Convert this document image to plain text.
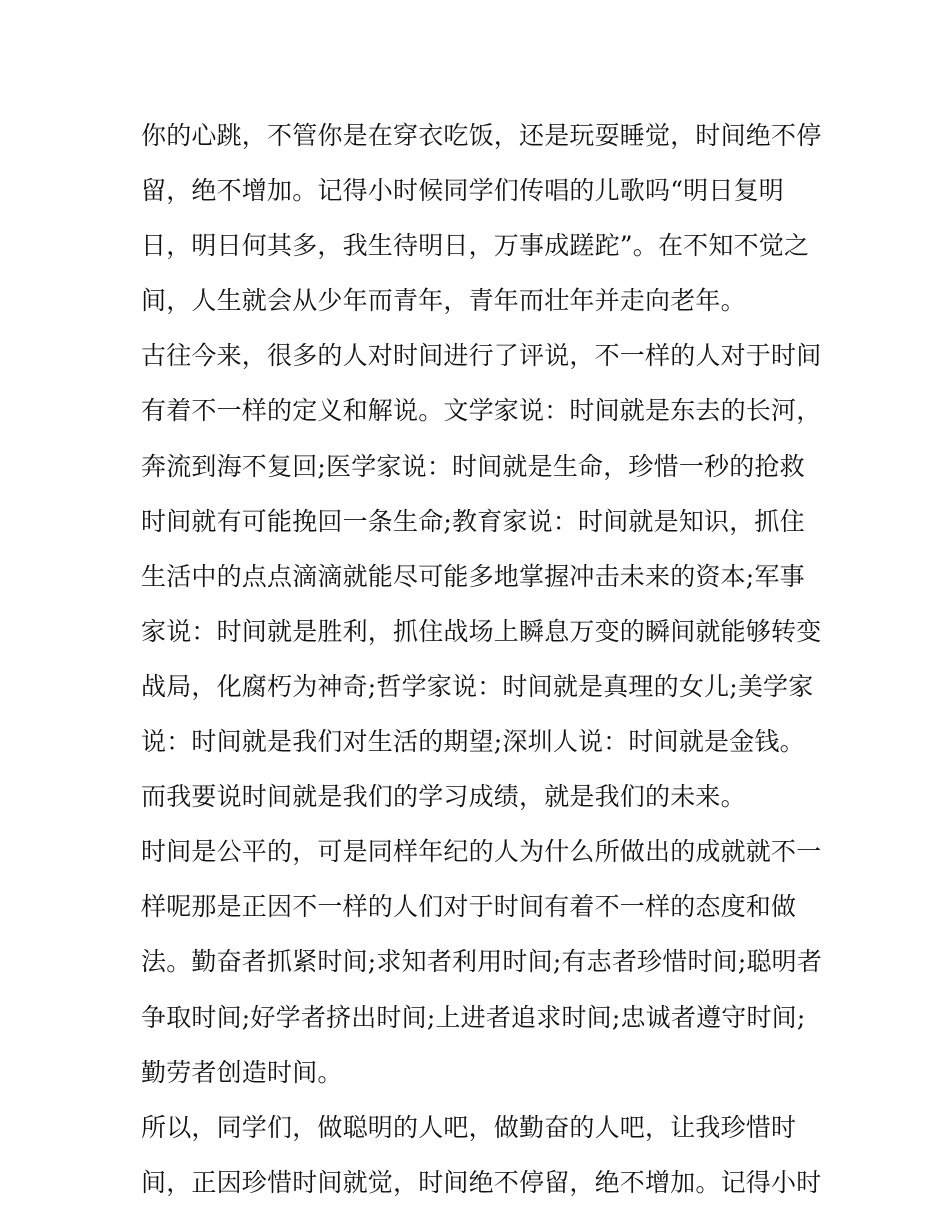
你的心跳，不管你是在穿衣吃饭，还是玩耍睡觉，时间绝不停
留，绝不增加。记得小时候同学们传唱的儿歌吗“明日复明
日，明日何其多，我生待明日，万事成蹉跎”。在不知不觉之
间，人生就会从少年而青年，青年而壮年并走向老年。
古往今来，很多的人对时间进行了评说，不一样的人对于时间
有着不一样的定义和解说。文学家说：时间就是东去的长河，
奔流到海不复回;医学家说：时间就是生命，珍惜一秒的抢救
时间就有可能挽回一条生命;教育家说：时间就是知识，抓住
生活中的点点滴滴就能尽可能多地掌握冲击未来的资本;军事
家说：时间就是胜利，抓住战场上瞬息万变的瞬间就能够转变
战局，化腐朽为神奇;哲学家说：时间就是真理的女儿;美学家
说：时间就是我们对生活的期望;深圳人说：时间就是金钱。
而我要说时间就是我们的学习成绩，就是我们的未来。
时间是公平的，可是同样年纪的人为什么所做出的成就就不一
样呢那是正因不一样的人们对于时间有着不一样的态度和做
法。勤奋者抓紧时间;求知者利用时间;有志者珍惜时间;聪明者
争取时间;好学者挤出时间;上进者追求时间;忠诚者遵守时间;
勤劳者创造时间。
所以，同学们，做聪明的人吧，做勤奋的人吧，让我珍惜时
间，正因珍惜时间就觉，时间绝不停留，绝不增加。记得小时
